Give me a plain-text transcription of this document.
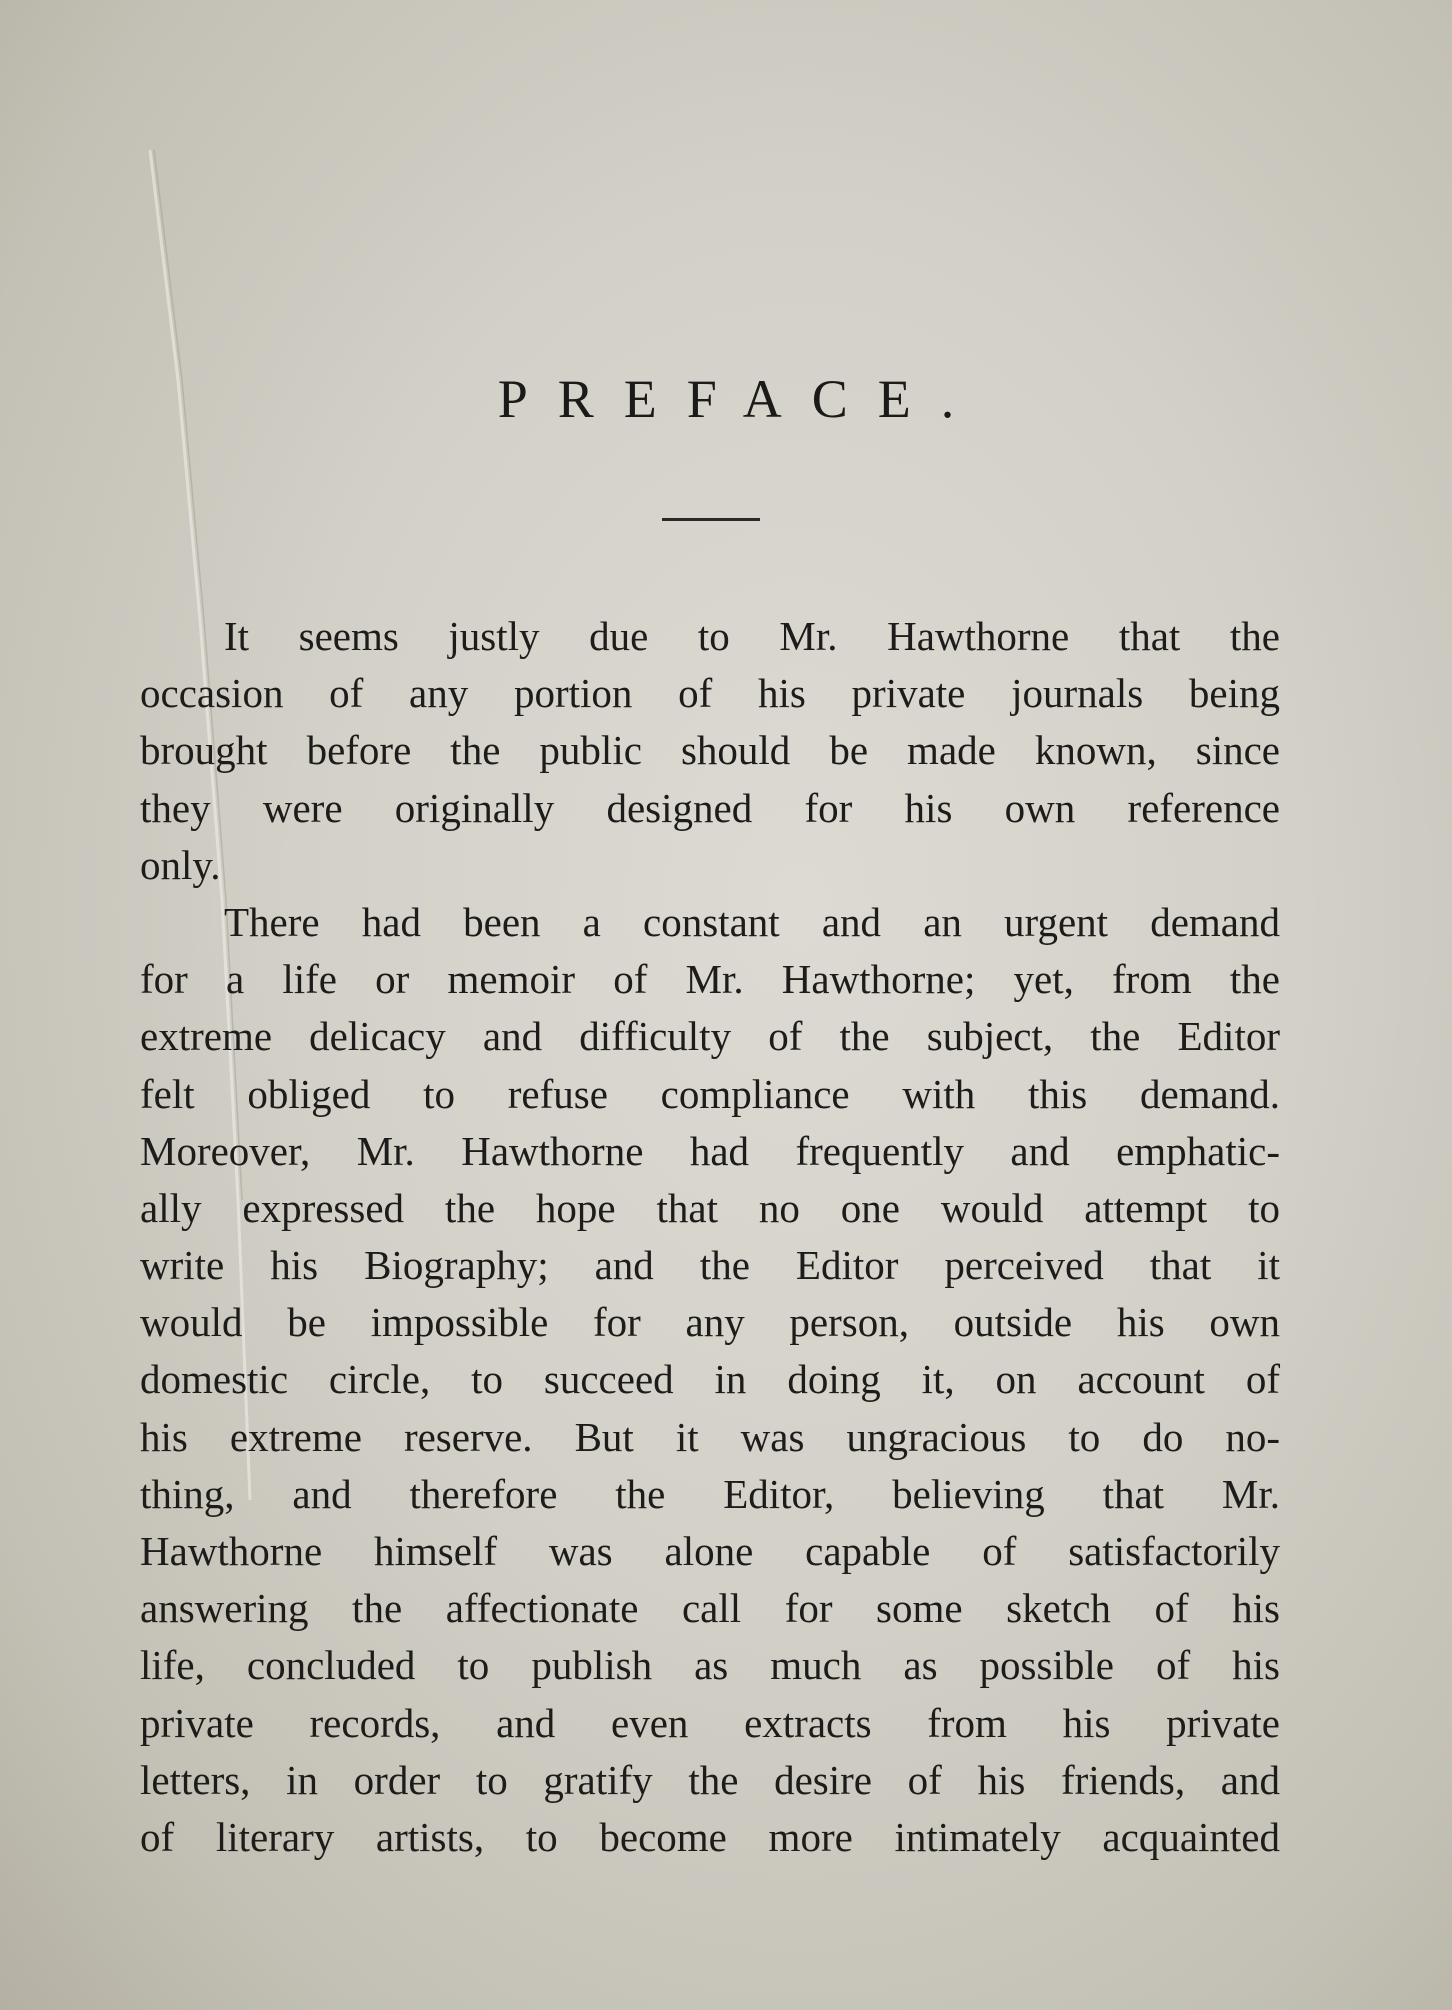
PREFACE.
It seems justly due to Mr. Hawthorne that the
occasion of any portion of his private journals being
brought before the public should be made known, since
they were originally designed for his own reference
only.
There had been a constant and an urgent demand
for a life or memoir of Mr. Hawthorne; yet, from the
extreme delicacy and difficulty of the subject, the Editor
felt obliged to refuse compliance with this demand.
Moreover, Mr. Hawthorne had frequently and emphatic-
ally expressed the hope that no one would attempt to
write his Biography; and the Editor perceived that it
would be impossible for any person, outside his own
domestic circle, to succeed in doing it, on account of
his extreme reserve. But it was ungracious to do no-
thing, and therefore the Editor, believing that Mr.
Hawthorne himself was alone capable of satisfactorily
answering the affectionate call for some sketch of his
life, concluded to publish as much as possible of his
private records, and even extracts from his private
letters, in order to gratify the desire of his friends, and
of literary artists, to become more intimately acquainted
